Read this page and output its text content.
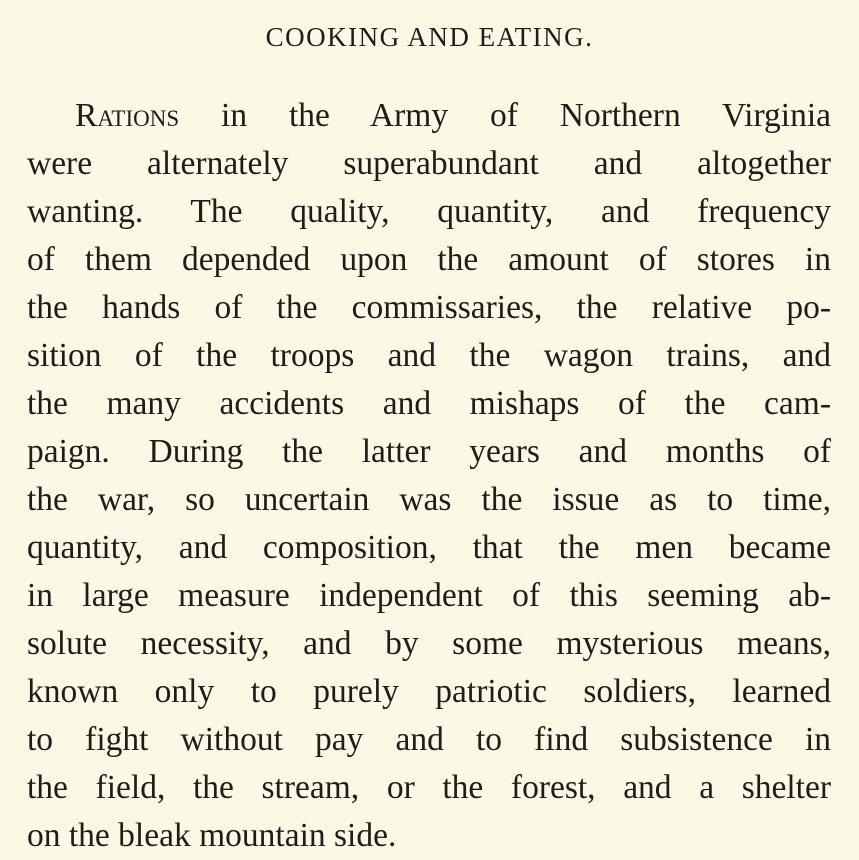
COOKING AND EATING.
Rations in the Army of Northern Virginia
were alternately superabundant and altogether
wanting. The quality, quantity, and frequency
of them depended upon the amount of stores in
the hands of the commissaries, the relative po-
sition of the troops and the wagon trains, and
the many accidents and mishaps of the cam-
paign. During the latter years and months of
the war, so uncertain was the issue as to time,
quantity, and composition, that the men became
in large measure independent of this seeming ab-
solute necessity, and by some mysterious means,
known only to purely patriotic soldiers, learned
to fight without pay and to find subsistence in
the field, the stream, or the forest, and a shelter
on the bleak mountain side.
